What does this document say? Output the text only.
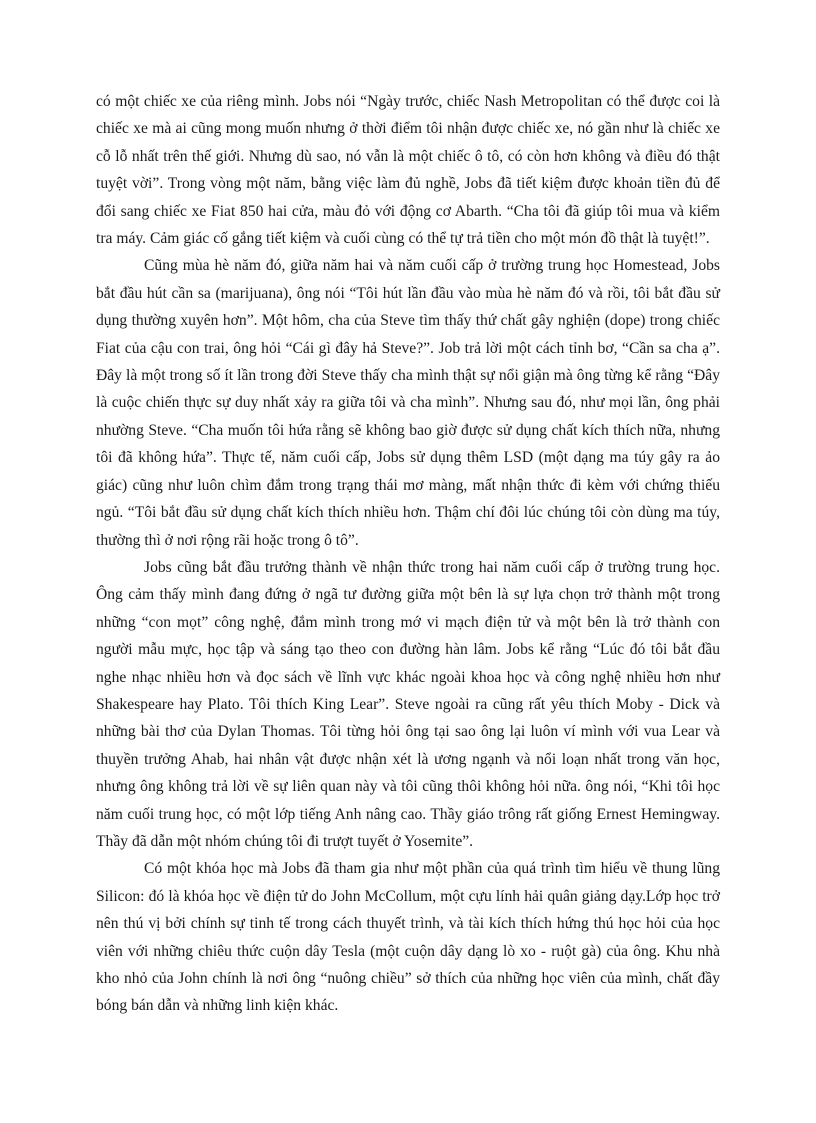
có một chiếc xe của riêng mình. Jobs nói “Ngày trước, chiếc Nash Metropolitan có thể được coi là chiếc xe mà ai cũng mong muốn nhưng ở thời điểm tôi nhận được chiếc xe, nó gần như là chiếc xe cỗ lỗ nhất trên thế giới. Nhưng dù sao, nó vẫn là một chiếc ô tô, có còn hơn không và điều đó thật tuyệt vời”. Trong vòng một năm, bằng việc làm đủ nghề, Jobs đã tiết kiệm được khoản tiền đủ để đổi sang chiếc xe Fiat 850 hai cửa, màu đỏ với động cơ Abarth. “Cha tôi đã giúp tôi mua và kiểm tra máy. Cảm giác cố gắng tiết kiệm và cuối cùng có thể tự trả tiền cho một món đồ thật là tuyệt!”.

Cũng mùa hè năm đó, giữa năm hai và năm cuối cấp ở trường trung học Homestead, Jobs bắt đầu hút cần sa (marijuana), ông nói “Tôi hút lần đầu vào mùa hè năm đó và rồi, tôi bắt đầu sử dụng thường xuyên hơn”. Một hôm, cha của Steve tìm thấy thứ chất gây nghiện (dope) trong chiếc Fiat của cậu con trai, ông hỏi “Cái gì đây hả Steve?”. Job trả lời một cách tỉnh bơ, “Cần sa cha ạ”. Đây là một trong số ít lần trong đời Steve thấy cha mình thật sự nổi giận mà ông từng kể rằng “Đây là cuộc chiến thực sự duy nhất xảy ra giữa tôi và cha mình”. Nhưng sau đó, như mọi lần, ông phải nhường Steve. “Cha muốn tôi hứa rằng sẽ không bao giờ được sử dụng chất kích thích nữa, nhưng tôi đã không hứa”. Thực tế, năm cuối cấp, Jobs sử dụng thêm LSD (một dạng ma túy gây ra ảo giác) cũng như luôn chìm đắm trong trạng thái mơ màng, mất nhận thức đi kèm với chứng thiếu ngủ. “Tôi bắt đầu sử dụng chất kích thích nhiều hơn. Thậm chí đôi lúc chúng tôi còn dùng ma túy, thường thì ở nơi rộng rãi hoặc trong ô tô”.

Jobs cũng bắt đầu trưởng thành về nhận thức trong hai năm cuối cấp ở trường trung học. Ông cảm thấy mình đang đứng ở ngã tư đường giữa một bên là sự lựa chọn trở thành một trong những “con mọt” công nghệ, đắm mình trong mớ vi mạch điện tử và một bên là trở thành con người mẫu mực, học tập và sáng tạo theo con đường hàn lâm. Jobs kể rằng “Lúc đó tôi bắt đầu nghe nhạc nhiều hơn và đọc sách về lĩnh vực khác ngoài khoa học và công nghệ nhiều hơn như Shakespeare hay Plato. Tôi thích King Lear”. Steve ngoài ra cũng rất yêu thích Moby - Dick và những bài thơ của Dylan Thomas. Tôi từng hỏi ông tại sao ông lại luôn ví mình với vua Lear và thuyền trưởng Ahab, hai nhân vật được nhận xét là ương ngạnh và nổi loạn nhất trong văn học, nhưng ông không trả lời về sự liên quan này và tôi cũng thôi không hỏi nữa. ông nói, “Khi tôi học năm cuối trung học, có một lớp tiếng Anh nâng cao. Thầy giáo trông rất giống Ernest Hemingway. Thầy đã dẫn một nhóm chúng tôi đi trượt tuyết ở Yosemite”.

Có một khóa học mà Jobs đã tham gia như một phần của quá trình tìm hiểu về thung lũng Silicon: đó là khóa học về điện tử do John McCollum, một cựu lính hải quân giảng dạy.Lớp học trở nên thú vị bởi chính sự tinh tế trong cách thuyết trình, và tài kích thích hứng thú học hỏi của học viên với những chiêu thức cuộn dây Tesla (một cuộn dây dạng lò xo - ruột gà) của ông. Khu nhà kho nhỏ của John chính là nơi ông “nuông chiều” sở thích của những học viên của mình, chất đầy bóng bán dẫn và những linh kiện khác.
